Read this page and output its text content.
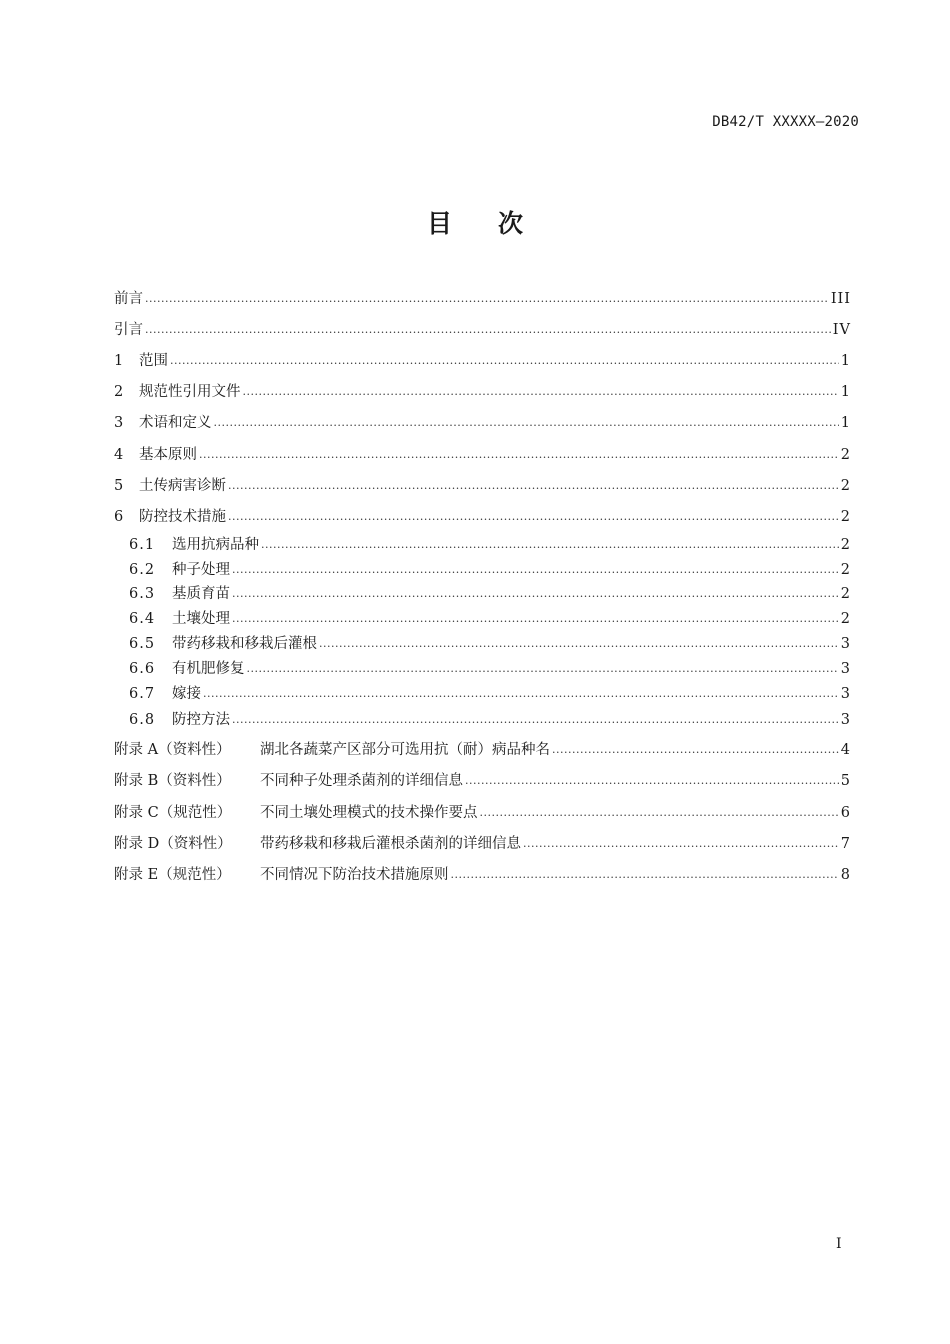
DB42/T XXXXX—2020
目 次
前言 .....	III
引言 .....	IV
1	范围 .....	1
2	规范性引用文件 .....	1
3	术语和定义 .....	1
4	基本原则 .....	2
5	土传病害诊断 .....	2
6	防控技术措施 .....	2
6.1	选用抗病品种 .....	2
6.2	种子处理 .....	2
6.3	基质育苗 .....	2
6.4	土壤处理 .....	2
6.5	带药移栽和移栽后灌根 .....	3
6.6	有机肥修复 .....	3
6.7	嫁接 .....	3
6.8	防控方法 .....	3
附录 A（资料性）	湖北各蔬菜产区部分可选用抗（耐）病品种名 .....	4
附录 B（资料性）	不同种子处理杀菌剂的详细信息 .....	5
附录 C（规范性）	不同土壤处理模式的技术操作要点 .....	6
附录 D（资料性）	带药移栽和移栽后灌根杀菌剂的详细信息 .....	7
附录 E（规范性）	不同情况下防治技术措施原则 .....	8
I
